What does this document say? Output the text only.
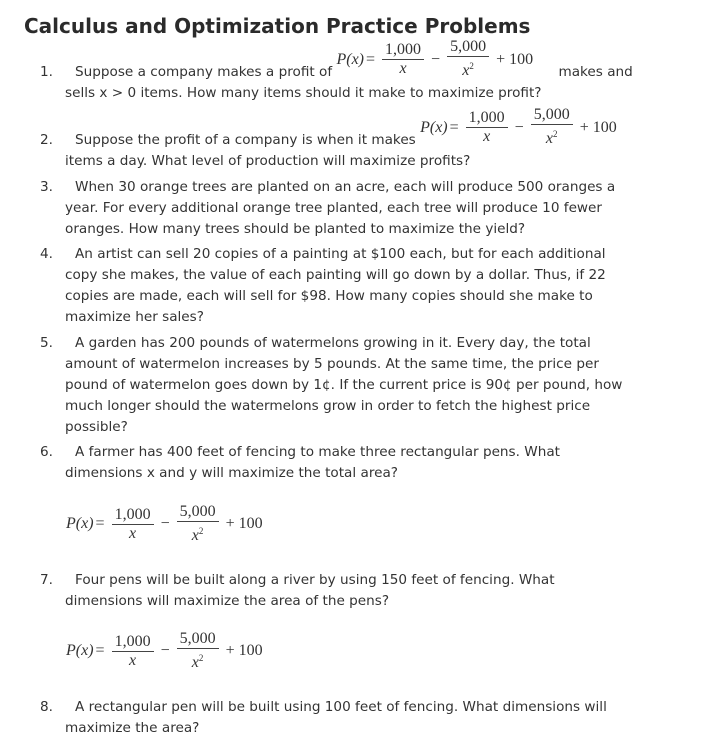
Calculus and Optimization Practice Problems
1.	Suppose a company makes a profit of
$P(x) = \frac{1,000}{x} - \frac{5,000}{x^2} + 100$
makes and
sells x > 0 items. How many items should it make to maximize profit?
2.	Suppose the profit of a company is when it makes
$P(x) = \frac{1,000}{x} - \frac{5,000}{x^2} + 100$
items a day. What level of production will maximize profits?
3.	When 30 orange trees are planted on an acre, each will produce 500 oranges a
year. For every additional orange tree planted, each tree will produce 10 fewer
oranges. How many trees should be planted to maximize the yield?
4.	An artist can sell 20 copies of a painting at $100 each, but for each additional
copy she makes, the value of each painting will go down by a dollar. Thus, if 22
copies are made, each will sell for $98. How many copies should she make to
maximize her sales?
5.	A garden has 200 pounds of watermelons growing in it. Every day, the total
amount of watermelon increases by 5 pounds. At the same time, the price per
pound of watermelon goes down by 1¢. If the current price is 90¢ per pound, how
much longer should the watermelons grow in order to fetch the highest price
possible?
6.	A farmer has 400 feet of fencing to make three rectangular pens. What
dimensions x and y will maximize the total area?
$P(x) = \frac{1,000}{x} - \frac{5,000}{x^2} + 100$
7.	Four pens will be built along a river by using 150 feet of fencing. What
dimensions will maximize the area of the pens?
$P(x) = \frac{1,000}{x} - \frac{5,000}{x^2} + 100$
8.	A rectangular pen will be built using 100 feet of fencing. What dimensions will
maximize the area?
